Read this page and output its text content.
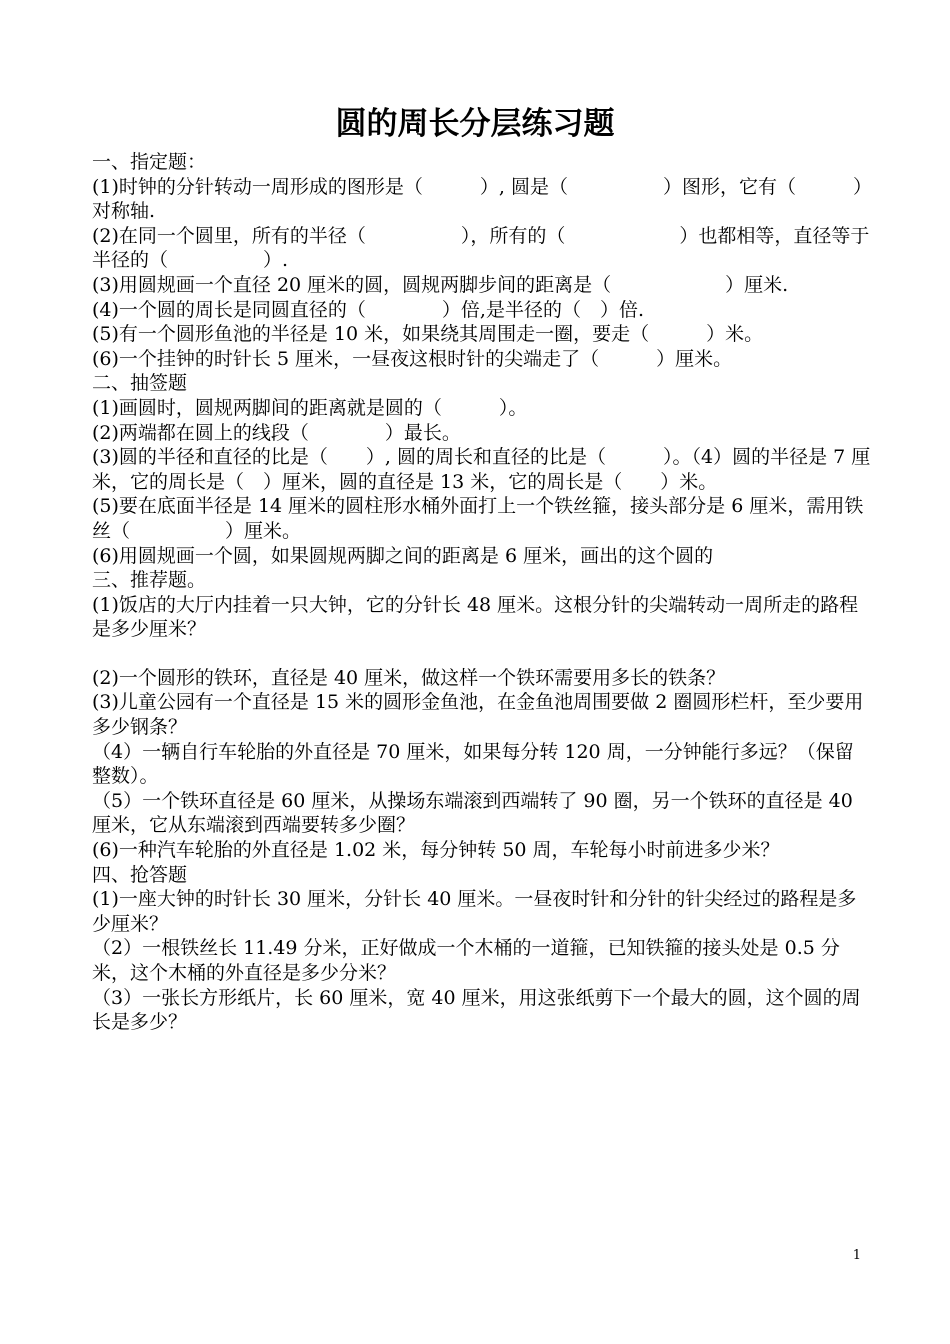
圆的周长分层练习题

一、指定题：

(1)时钟的分针转动一周形成的图形是（　　　）, 圆是（　　　　　）图形，它有（　　　）对称轴.

(2)在同一个圆里，所有的半径（　　　　　），所有的（　　　　　　）也都相等，直径等于半径的（　　　　　）.

(3)用圆规画一个直径 20 厘米的圆，圆规两脚步间的距离是（　　　　　　）厘米.

(4)一个圆的周长是同圆直径的（　　　　）倍,是半径的（　）倍.

(5)有一个圆形鱼池的半径是 10 米，如果绕其周围走一圈，要走（　　　）米。

(6)一个挂钟的时针长 5 厘米，一昼夜这根时针的尖端走了（　　　）厘米。

二、抽签题

(1)画圆时，圆规两脚间的距离就是圆的（　　　）。

(2)两端都在圆上的线段（　　　　）最长。

(3)圆的半径和直径的比是（　　）, 圆的周长和直径的比是（　　　）。（4）圆的半径是 7 厘米，它的周长是（　）厘米，圆的直径是 13 米，它的周长是（　　）米。

(5)要在底面半径是 14 厘米的圆柱形水桶外面打上一个铁丝箍，接头部分是 6 厘米，需用铁丝（　　　　　）厘米。

(6)用圆规画一个圆，如果圆规两脚之间的距离是 6 厘米，画出的这个圆的

三、推荐题。

(1)饭店的大厅内挂着一只大钟，它的分针长 48 厘米。这根分针的尖端转动一周所走的路程是多少厘米？

(2)一个圆形的铁环，直径是 40 厘米，做这样一个铁环需要用多长的铁条？

(3)儿童公园有一个直径是 15 米的圆形金鱼池，在金鱼池周围要做 2 圈圆形栏杆，至少要用多少钢条？

（4）一辆自行车轮胎的外直径是 70 厘米，如果每分转 120 周，一分钟能行多远？（保留整数）。

（5）一个铁环直径是 60 厘米，从操场东端滚到西端转了 90 圈，另一个铁环的直径是 40 厘米，它从东端滚到西端要转多少圈？

(6)一种汽车轮胎的外直径是 1.02 米，每分钟转 50 周，车轮每小时前进多少米？

四、抢答题

(1)一座大钟的时针长 30 厘米，分针长 40 厘米。一昼夜时针和分针的针尖经过的路程是多少厘米？

（2）一根铁丝长 11.49 分米，正好做成一个木桶的一道箍，已知铁箍的接头处是 0.5 分米，这个木桶的外直径是多少分米？

（3）一张长方形纸片，长 60 厘米，宽 40 厘米，用这张纸剪下一个最大的圆，这个圆的周长是多少？

1
